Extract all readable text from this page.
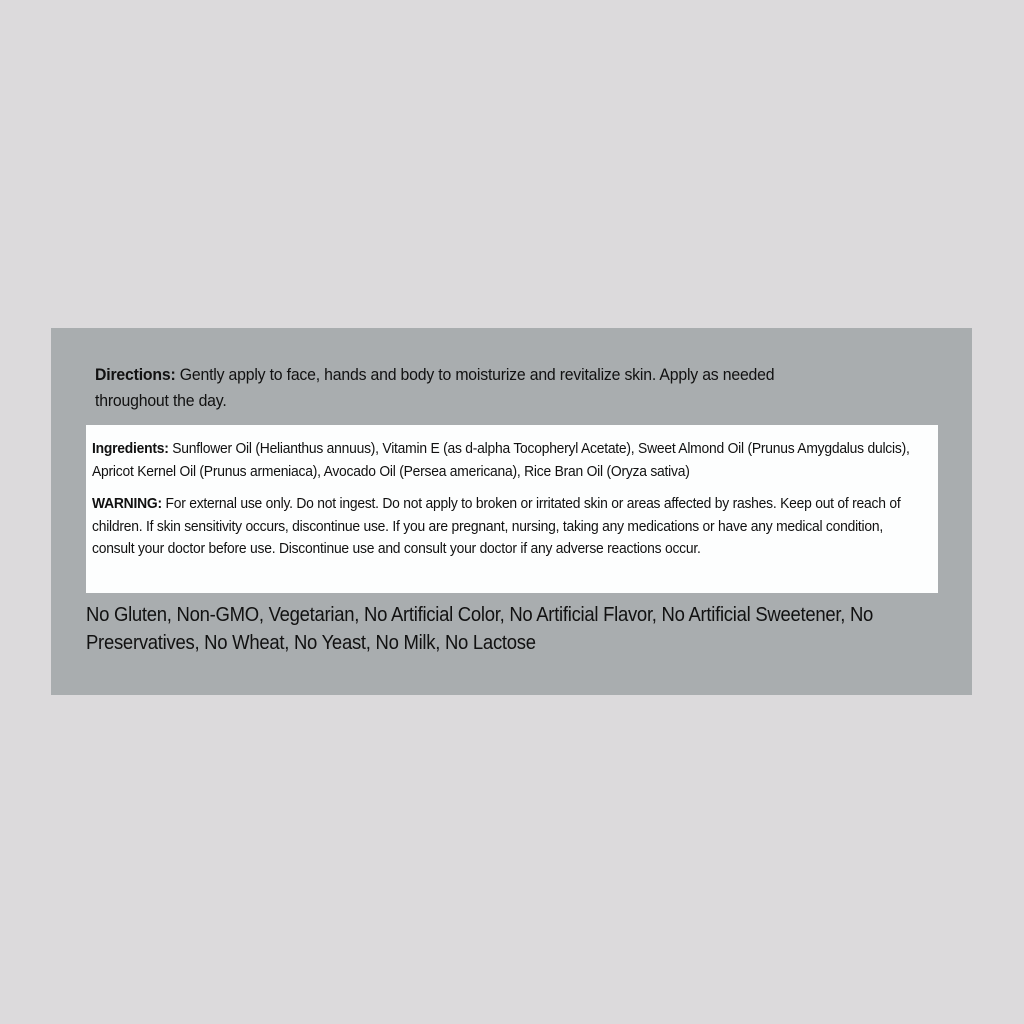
Directions: Gently apply to face, hands and body to moisturize and revitalize skin. Apply as needed throughout the day.

Ingredients: Sunflower Oil (Helianthus annuus), Vitamin E (as d-alpha Tocopheryl Acetate), Sweet Almond Oil (Prunus Amygdalus dulcis), Apricot Kernel Oil (Prunus armeniaca), Avocado Oil (Persea americana), Rice Bran Oil (Oryza sativa)

WARNING: For external use only. Do not ingest. Do not apply to broken or irritated skin or areas affected by rashes. Keep out of reach of children. If skin sensitivity occurs, discontinue use. If you are pregnant, nursing, taking any medications or have any medical condition, consult your doctor before use. Discontinue use and consult your doctor if any adverse reactions occur.

No Gluten, Non-GMO, Vegetarian, No Artificial Color, No Artificial Flavor, No Artificial Sweetener, No Preservatives, No Wheat, No Yeast, No Milk, No Lactose
